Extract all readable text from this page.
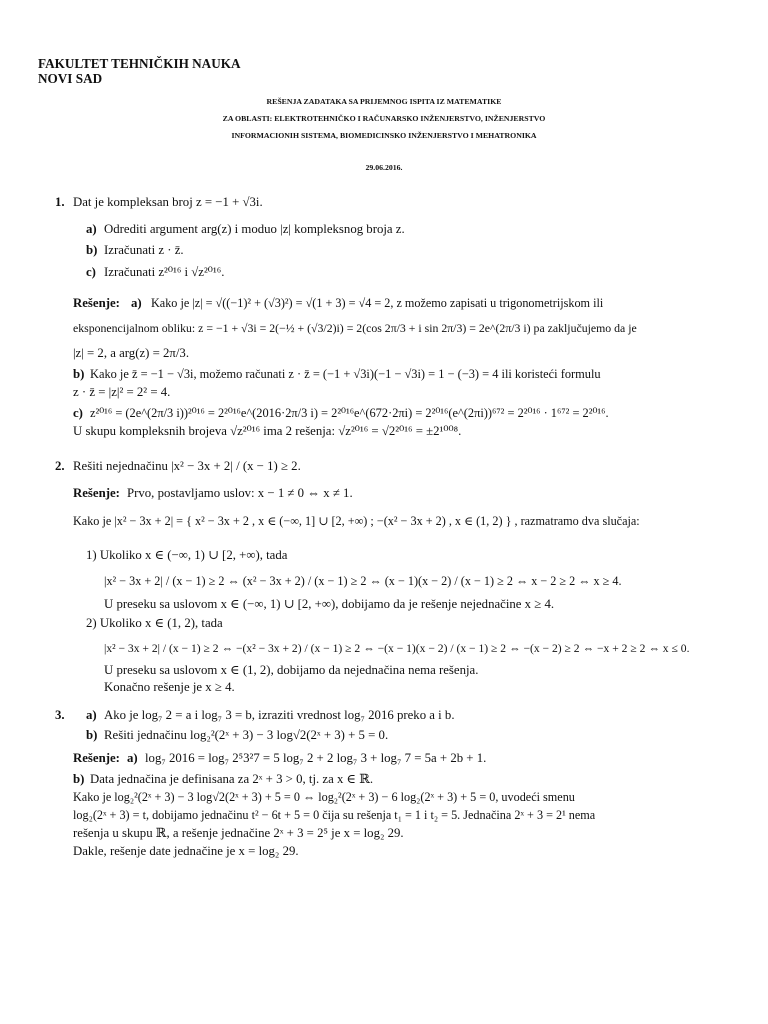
FAKULTET TEHNIČKIH NAUKA
NOVI SAD
REŠENJA ZADATAKA SA PRIJEMNOG ISPITA IZ MATEMATIKE
ZA OBLASTI: ELEKTROTEHNIČKO I RAČUNARSKO INŽENJERSTVO, INŽENJERSTVO
INFORMACIONIH SISTEMA, BIOMEDICINSKO INŽENJERSTVO I MEHATRONIKA
29.06.2016.
1. Dat je kompleksan broj z = −1 + √3i.
a) Odrediti argument arg(z) i moduo |z| kompleksnog broja z.
b) Izračunati z · z̄.
c) Izračunati z²⁰¹⁶ i √z²⁰¹⁶.
Rešenje: a) Kako je |z| = √((−1)² + (√3)²) = √(1 + 3) = √4 = 2, z možemo zapisati u trigonometrijskom ili
eksponencijalnom obliku: z = −1 + √3i = 2(−½ + (√3/2)i) = 2(cos 2π/3 + i sin 2π/3) = 2e^(2π/3 i) pa zaključujemo da je
|z| = 2, a arg(z) = 2π/3.
b) Kako je z̄ = −1 − √3i, možemo računati z · z̄ = (−1 + √3i)(−1 − √3i) = 1 − (−3) = 4 ili koristeći formulu
z · z̄ = |z|² = 2² = 4.
c) z²⁰¹⁶ = (2e^(2π/3 i))²⁰¹⁶ = 2²⁰¹⁶e^(2016·2π/3 i) = 2²⁰¹⁶e^(672·2πi) = 2²⁰¹⁶(e^(2πi))⁶⁷² = 2²⁰¹⁶ · 1⁶⁷² = 2²⁰¹⁶.
U skupu kompleksnih brojeva √z²⁰¹⁶ ima 2 rešenja: √z²⁰¹⁶ = √2²⁰¹⁶ = ±2¹⁰⁰⁸.
2. Rešiti nejednačinu |x² − 3x + 2| / (x − 1) ≥ 2.
Rešenje: Prvo, postavljamo uslov: x − 1 ≠ 0 ⇔ x ≠ 1.
Kako je |x² − 3x + 2| = { x² − 3x + 2 , x ∈ (−∞, 1] ∪ [2, +∞) ; −(x² − 3x + 2) , x ∈ (1, 2) } , razmatramo dva slučaja:
1) Ukoliko x ∈ (−∞, 1) ∪ [2, +∞), tada
|x² − 3x + 2| / (x − 1) ≥ 2 ⇔ (x² − 3x + 2) / (x − 1) ≥ 2 ⇔ (x − 1)(x − 2) / (x − 1) ≥ 2 ⇔ x − 2 ≥ 2 ⇔ x ≥ 4.
U preseku sa uslovom x ∈ (−∞, 1) ∪ [2, +∞), dobijamo da je rešenje nejednačine x ≥ 4.
2) Ukoliko x ∈ (1, 2), tada
|x² − 3x + 2| / (x − 1) ≥ 2 ⇔ −(x² − 3x + 2) / (x − 1) ≥ 2 ⇔ −(x − 1)(x − 2) / (x − 1) ≥ 2 ⇔ −(x − 2) ≥ 2 ⇔ −x + 2 ≥ 2 ⇔ x ≤ 0.
U preseku sa uslovom x ∈ (1, 2), dobijamo da nejednačina nema rešenja.
Konačno rešenje je x ≥ 4.
3. a) Ako je log₇ 2 = a i log₇ 3 = b, izraziti vrednost log₇ 2016 preko a i b.
b) Rešiti jednačinu log₂²(2ˣ + 3) − 3 log√2(2ˣ + 3) + 5 = 0.
Rešenje: a) log₇ 2016 = log₇ 2⁵3²7 = 5 log₇ 2 + 2 log₇ 3 + log₇ 7 = 5a + 2b + 1.
b) Data jednačina je definisana za 2ˣ + 3 > 0, tj. za x ∈ ℝ.
Kako je log₂²(2ˣ + 3) − 3 log√2(2ˣ + 3) + 5 = 0 ⇔ log₂²(2ˣ + 3) − 6 log₂(2ˣ + 3) + 5 = 0, uvodeći smenu
log₂(2ˣ + 3) = t, dobijamo jednačinu t² − 6t + 5 = 0 čija su rešenja t₁ = 1 i t₂ = 5. Jednačina 2ˣ + 3 = 2¹ nema
rešenja u skupu ℝ, a rešenje jednačine 2ˣ + 3 = 2⁵ je x = log₂ 29.
Dakle, rešenje date jednačine je x = log₂ 29.
